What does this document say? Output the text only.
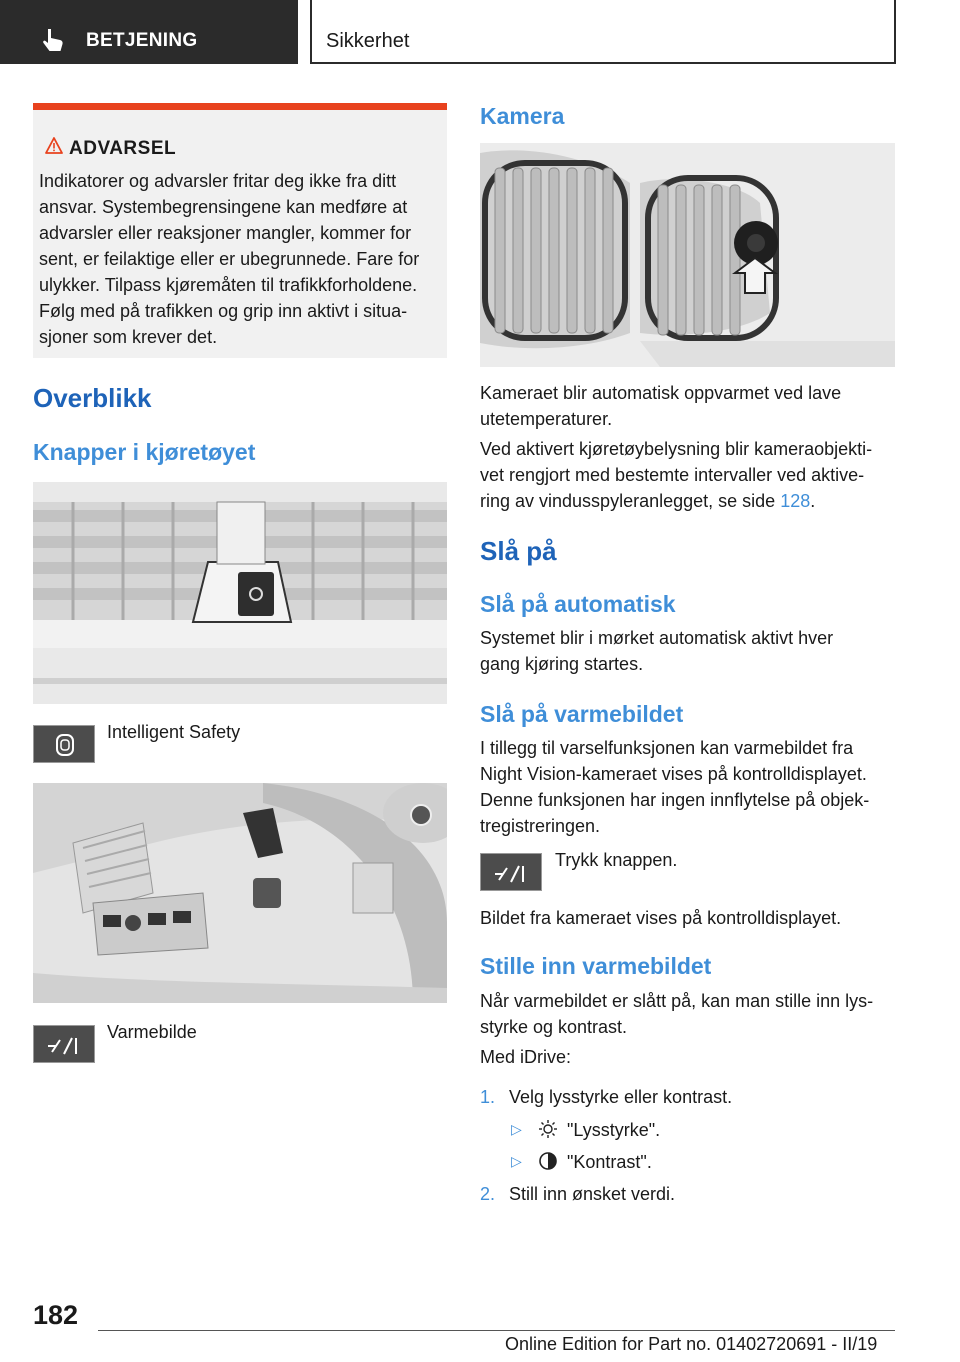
BETJENING	Sikkerhet
ADVARSEL
Indikatorer og advarsler fritar deg ikke fra ditt
ansvar. Systembegrensingene kan medføre at
advarsler eller reaksjoner mangler, kommer for
sent, er feilaktige eller er ubegrunnede. Fare for
ulykker. Tilpass kjøremåten til trafikkforholdene.
Følg med på trafikken og grip inn aktivt i situa-
sjoner som krever det.
Overblikk
Knapper i kjøretøyet
Intelligent Safety
Varmebilde
Kamera
Kameraet blir automatisk oppvarmet ved lave
utetemperaturer.
Ved aktivert kjøretøybelysning blir kameraobjekti-
vet rengjort med bestemte intervaller ved aktive-
ring av vindusspyleranlegget, se side 128.
Slå på
Slå på automatisk
Systemet blir i mørket automatisk aktivt hver
gang kjøring startes.
Slå på varmebildet
I tillegg til varselfunksjonen kan varmebildet fra
Night Vision-kameraet vises på kontrolldisplayet.
Denne funksjonen har ingen innflytelse på objek-
tregistreringen.
Trykk knappen.
Bildet fra kameraet vises på kontrolldisplayet.
Stille inn varmebildet
Når varmebildet er slått på, kan man stille inn lys-
styrke og kontrast.
Med iDrive:
1. Velg lysstyrke eller kontrast.
▷	"Lysstyrke".
▷	"Kontrast".
2. Still inn ønsket verdi.
182
Online Edition for Part no. 01402720691 - II/19
